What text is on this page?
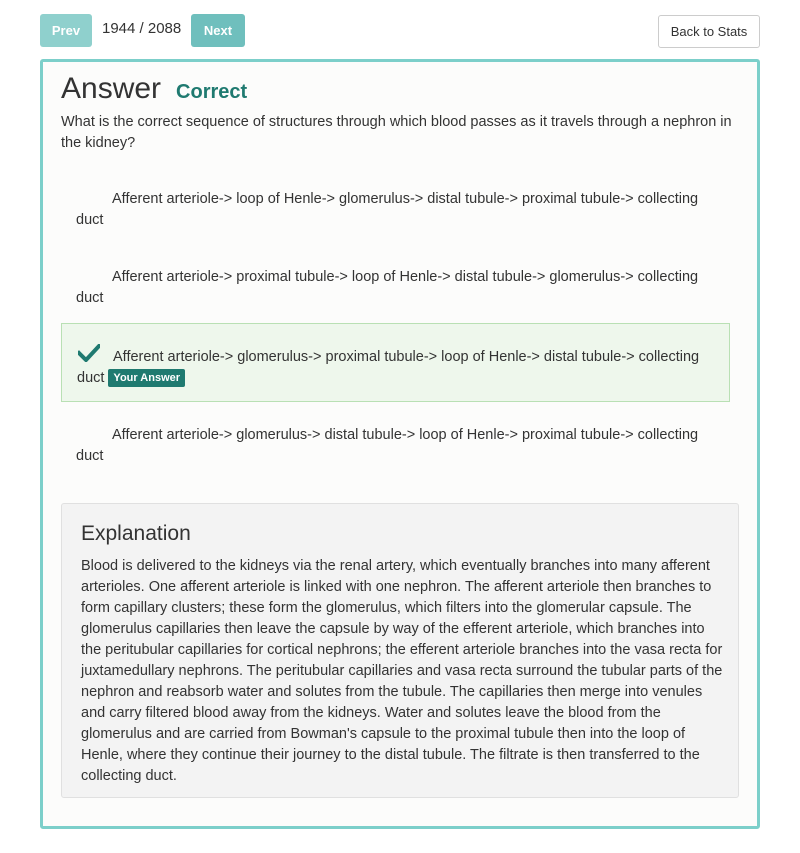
Prev	1944 / 2088	Next	Back to Stats
Answer Correct
What is the correct sequence of structures through which blood passes as it travels through a nephron in the kidney?
Afferent arteriole-> loop of Henle-> glomerulus-> distal tubule-> proximal tubule-> collecting duct
Afferent arteriole-> proximal tubule-> loop of Henle-> distal tubule-> glomerulus-> collecting duct
Afferent arteriole-> glomerulus-> proximal tubule-> loop of Henle-> distal tubule-> collecting duct Your Answer
Afferent arteriole-> glomerulus-> distal tubule-> loop of Henle-> proximal tubule-> collecting duct
Explanation
Blood is delivered to the kidneys via the renal artery, which eventually branches into many afferent arterioles. One afferent arteriole is linked with one nephron. The afferent arteriole then branches to form capillary clusters; these form the glomerulus, which filters into the glomerular capsule. The glomerulus capillaries then leave the capsule by way of the efferent arteriole, which branches into the peritubular capillaries for cortical nephrons; the efferent arteriole branches into the vasa recta for juxtamedullary nephrons. The peritubular capillaries and vasa recta surround the tubular parts of the nephron and reabsorb water and solutes from the tubule. The capillaries then merge into venules and carry filtered blood away from the kidneys. Water and solutes leave the blood from the glomerulus and are carried from Bowman's capsule to the proximal tubule then into the loop of Henle, where they continue their journey to the distal tubule. The filtrate is then transferred to the collecting duct.
